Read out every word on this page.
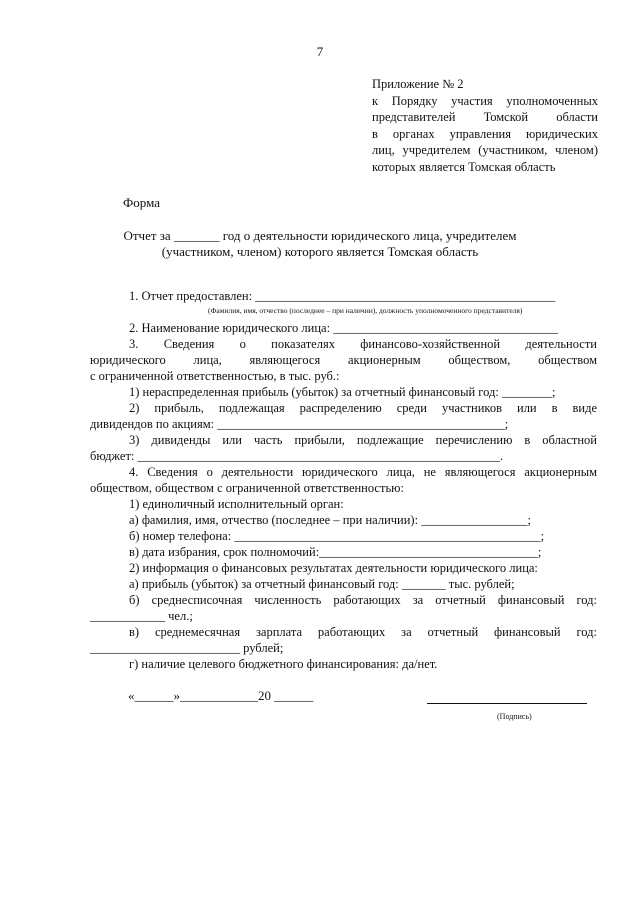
7
Приложение № 2
к Порядку участия уполномоченных
представителей Томской области
в органах управления юридических
лиц, учредителем (участником, членом)
которых является Томская область
Форма
Отчет за _______ год о деятельности юридического лица, учредителем
(участником, членом) которого является Томская область

1. Отчет предоставлен: ________________________________________________

(Фамилия, имя, отчество (последнее – при наличии), должность уполномоченного представителя)

2. Наименование юридического лица: ____________________________________

3. Сведения о показателях финансово-хозяйственной деятельности

юридического лица, являющегося акционерным обществом, обществом

с ограниченной ответственностью, в тыс. руб.:

1) нераспределенная прибыль (убыток) за отчетный финансовый год: ________;

2) прибыль, подлежащая распределению среди участников или в виде

дивидендов по акциям: ______________________________________________;

3) дивиденды или часть прибыли, подлежащие перечислению в областной

бюджет: __________________________________________________________.

4. Сведения о деятельности юридического лица, не являющегося акционерным

обществом, обществом с ограниченной ответственностью:

1) единоличный исполнительный орган:

а) фамилия, имя, отчество (последнее – при наличии): _________________;

б) номер телефона: _________________________________________________;

в) дата избрания, срок полномочий:___________________________________;

2) информация о финансовых результатах деятельности юридического лица:

а) прибыль (убыток) за отчетный финансовый год: _______ тыс. рублей;

б) среднесписочная численность работающих за отчетный финансовый год:

____________ чел.;

в) среднемесячная зарплата работающих за отчетный финансовый год:

________________________ рублей;

г) наличие целевого бюджетного финансирования: да/нет.

«______»____________20 ______
(Подпись)
